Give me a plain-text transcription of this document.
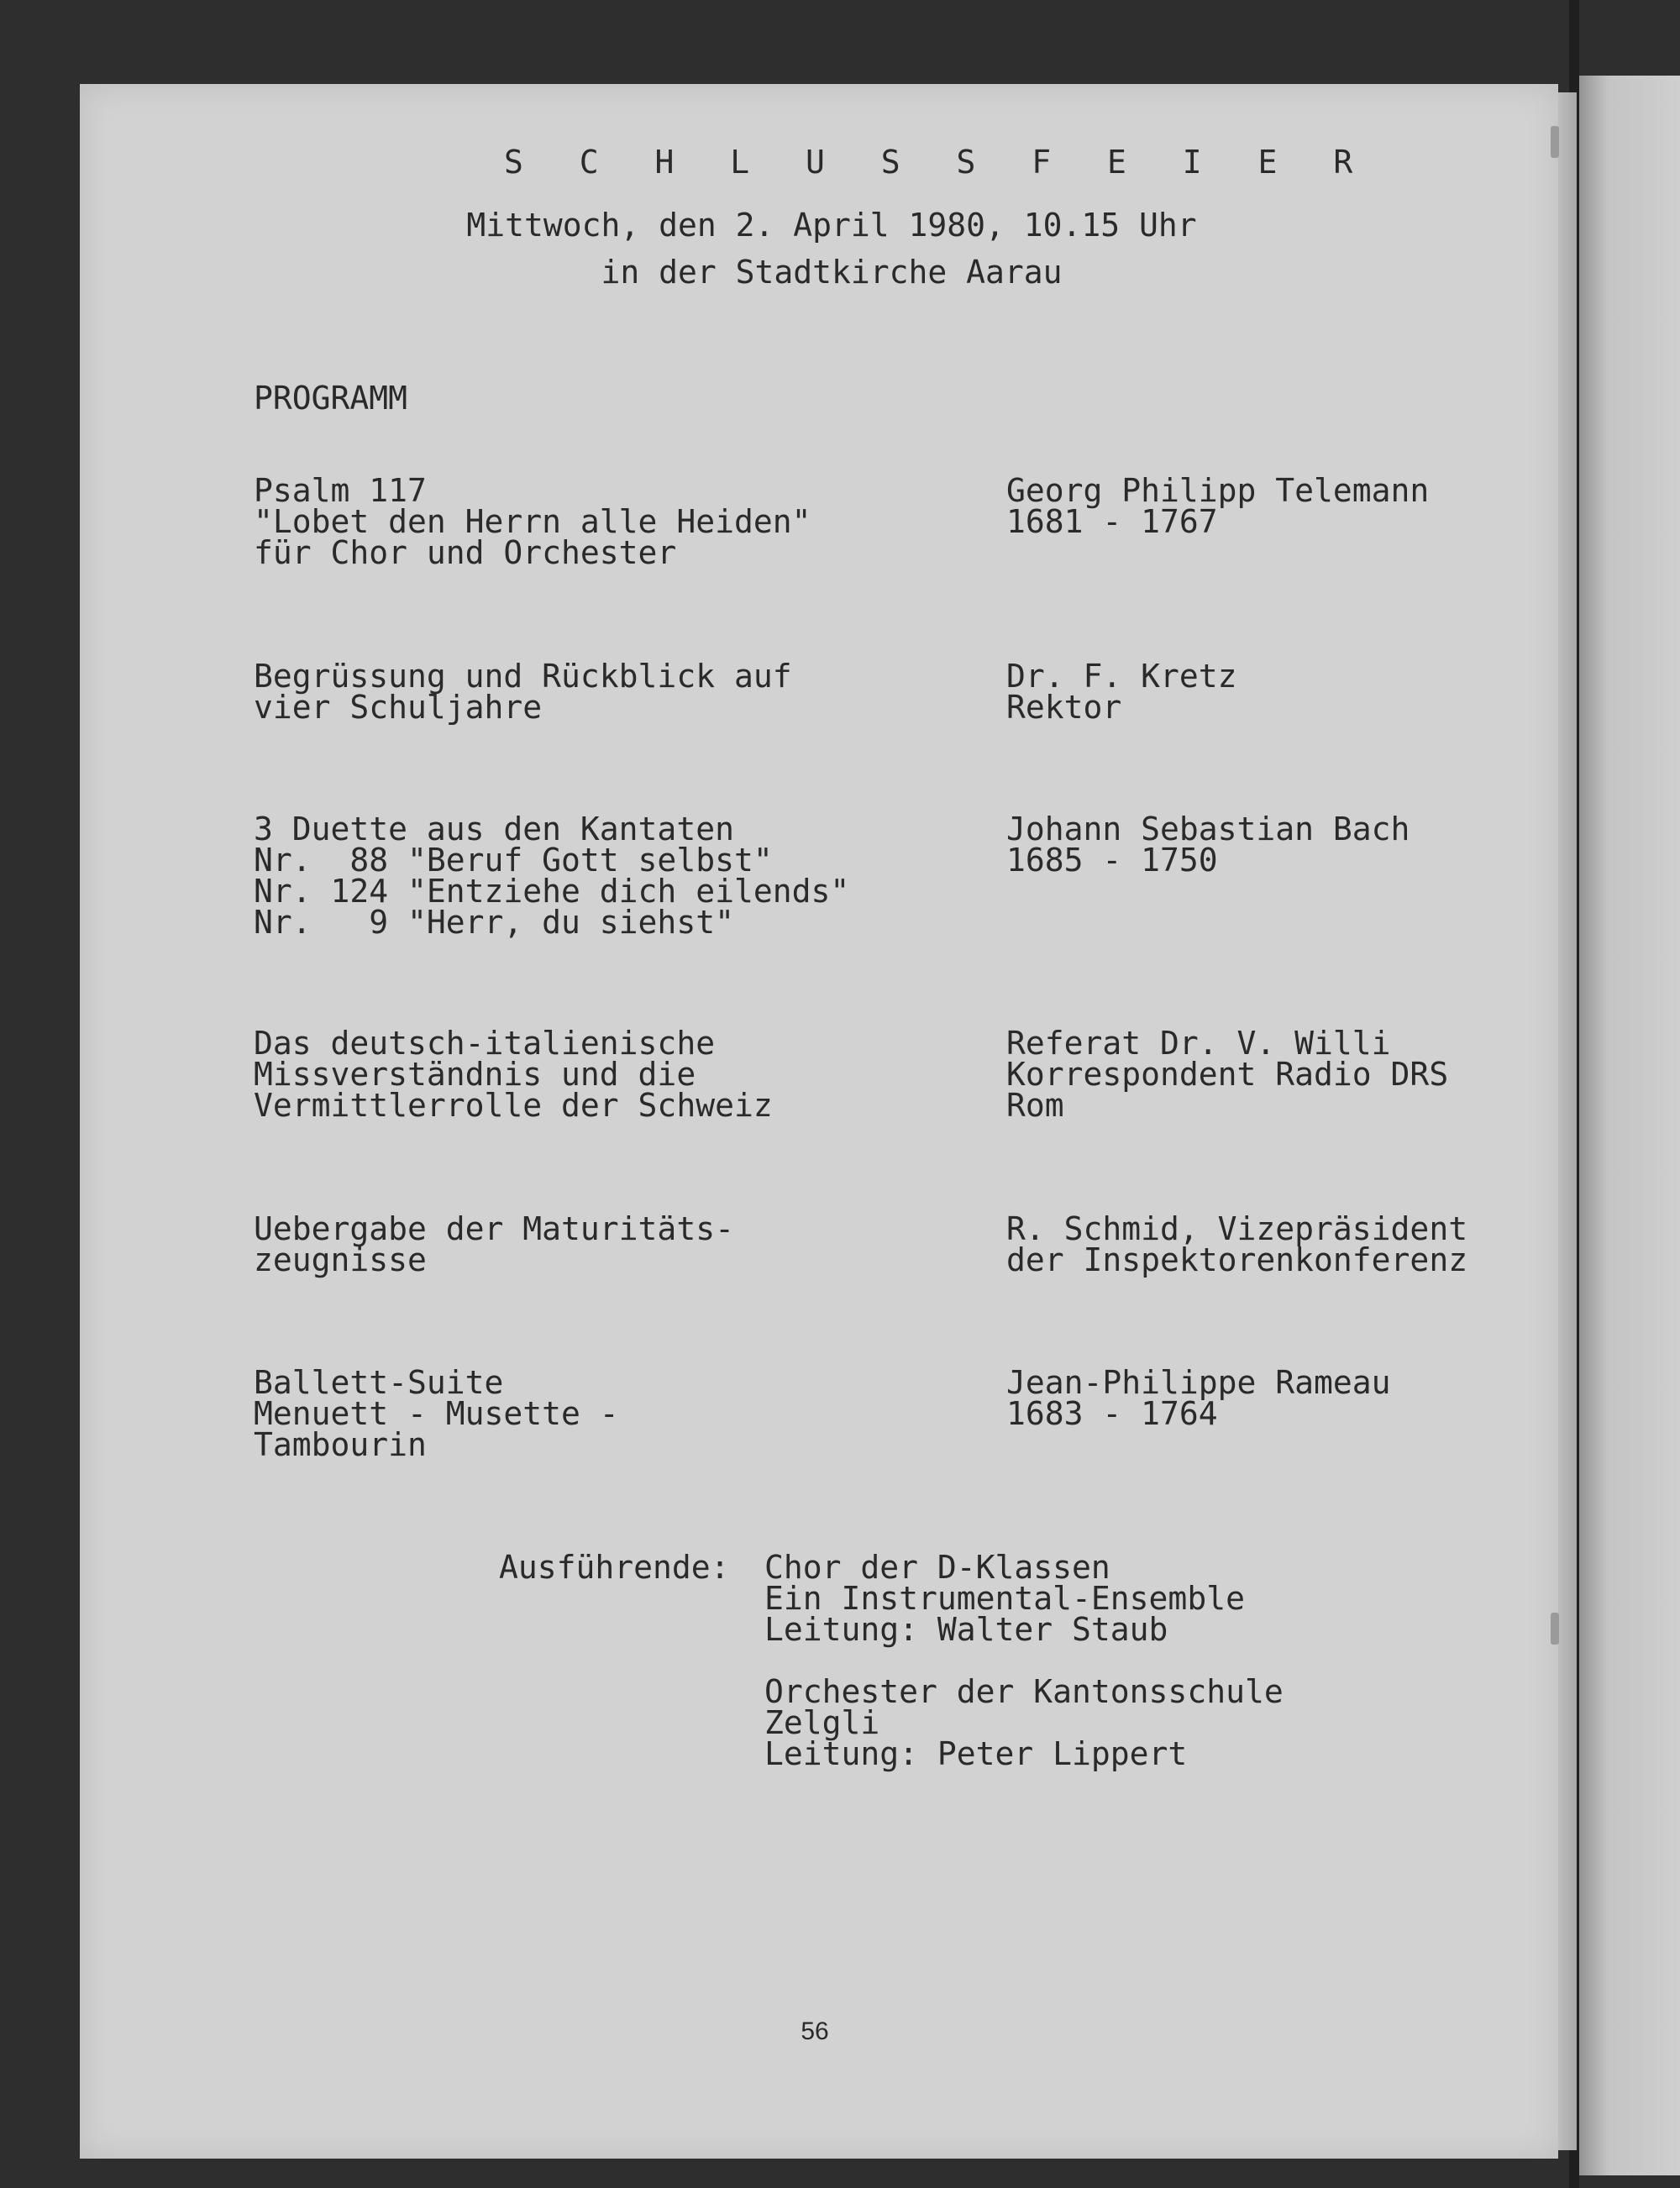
S C H L U S S F E I E R
Mittwoch, den 2. April 1980, 10.15 Uhr
in der Stadtkirche Aarau
PROGRAMM
Psalm 117
"Lobet den Herrn alle Heiden"
für Chor und Orchester
Georg Philipp Telemann
1681 - 1767
Begrüssung und Rückblick auf
vier Schuljahre
Dr. F. Kretz
Rektor
3 Duette aus den Kantaten
Nr.  88 "Beruf Gott selbst"
Nr. 124 "Entziehe dich eilends"
Nr.   9 "Herr, du siehst"
Johann Sebastian Bach
1685 - 1750
Das deutsch-italienische
Missverständnis und die
Vermittlerrolle der Schweiz
Referat Dr. V. Willi
Korrespondent Radio DRS
Rom
Uebergabe der Maturitäts-
zeugnisse
R. Schmid, Vizepräsident
der Inspektorenkonferenz
Ballett-Suite
Menuett - Musette -
Tambourin
Jean-Philippe Rameau
1683 - 1764
Ausführende: Chor der D-Klassen
Ein Instrumental-Ensemble
Leitung: Walter Staub
Orchester der Kantonsschule
Zelgli
Leitung: Peter Lippert
56
